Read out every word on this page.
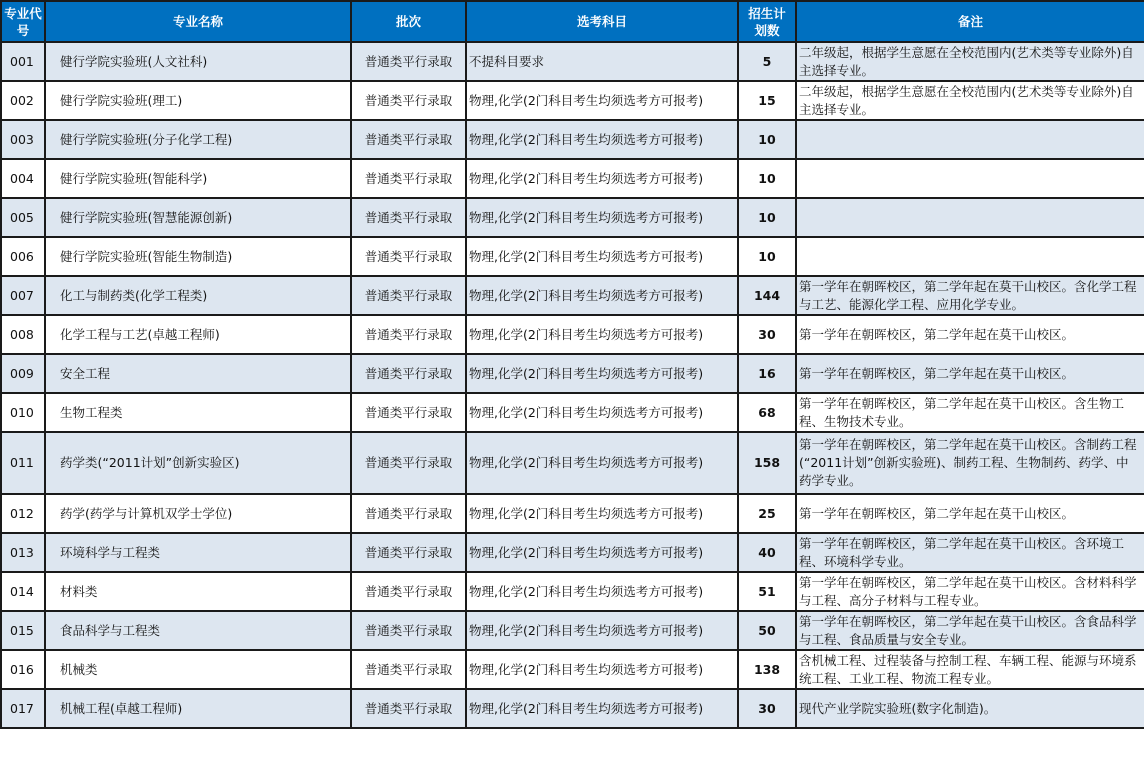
专业代号	专业名称	批次	选考科目	招生计划数	备注
001	健行学院实验班(人文社科)	普通类平行录取	不提科目要求	5	二年级起，根据学生意愿在全校范围内(艺术类等专业除外)自主选择专业。
002	健行学院实验班(理工)	普通类平行录取	物理,化学(2门科目考生均须选考方可报考)	15	二年级起，根据学生意愿在全校范围内(艺术类等专业除外)自主选择专业。
003	健行学院实验班(分子化学工程)	普通类平行录取	物理,化学(2门科目考生均须选考方可报考)	10	
004	健行学院实验班(智能科学)	普通类平行录取	物理,化学(2门科目考生均须选考方可报考)	10	
005	健行学院实验班(智慧能源创新)	普通类平行录取	物理,化学(2门科目考生均须选考方可报考)	10	
006	健行学院实验班(智能生物制造)	普通类平行录取	物理,化学(2门科目考生均须选考方可报考)	10	
007	化工与制药类(化学工程类)	普通类平行录取	物理,化学(2门科目考生均须选考方可报考)	144	第一学年在朝晖校区，第二学年起在莫干山校区。含化学工程与工艺、能源化学工程、应用化学专业。
008	化学工程与工艺(卓越工程师)	普通类平行录取	物理,化学(2门科目考生均须选考方可报考)	30	第一学年在朝晖校区，第二学年起在莫干山校区。
009	安全工程	普通类平行录取	物理,化学(2门科目考生均须选考方可报考)	16	第一学年在朝晖校区，第二学年起在莫干山校区。
010	生物工程类	普通类平行录取	物理,化学(2门科目考生均须选考方可报考)	68	第一学年在朝晖校区，第二学年起在莫干山校区。含生物工程、生物技术专业。
011	药学类(“2011计划”创新实验区)	普通类平行录取	物理,化学(2门科目考生均须选考方可报考)	158	第一学年在朝晖校区，第二学年起在莫干山校区。含制药工程(“2011计划”创新实验班)、制药工程、生物制药、药学、中药学专业。
012	药学(药学与计算机双学士学位)	普通类平行录取	物理,化学(2门科目考生均须选考方可报考)	25	第一学年在朝晖校区，第二学年起在莫干山校区。
013	环境科学与工程类	普通类平行录取	物理,化学(2门科目考生均须选考方可报考)	40	第一学年在朝晖校区，第二学年起在莫干山校区。含环境工程、环境科学专业。
014	材料类	普通类平行录取	物理,化学(2门科目考生均须选考方可报考)	51	第一学年在朝晖校区，第二学年起在莫干山校区。含材料科学与工程、高分子材料与工程专业。
015	食品科学与工程类	普通类平行录取	物理,化学(2门科目考生均须选考方可报考)	50	第一学年在朝晖校区，第二学年起在莫干山校区。含食品科学与工程、食品质量与安全专业。
016	机械类	普通类平行录取	物理,化学(2门科目考生均须选考方可报考)	138	含机械工程、过程装备与控制工程、车辆工程、能源与环境系统工程、工业工程、物流工程专业。
017	机械工程(卓越工程师)	普通类平行录取	物理,化学(2门科目考生均须选考方可报考)	30	现代产业学院实验班(数字化制造)。
